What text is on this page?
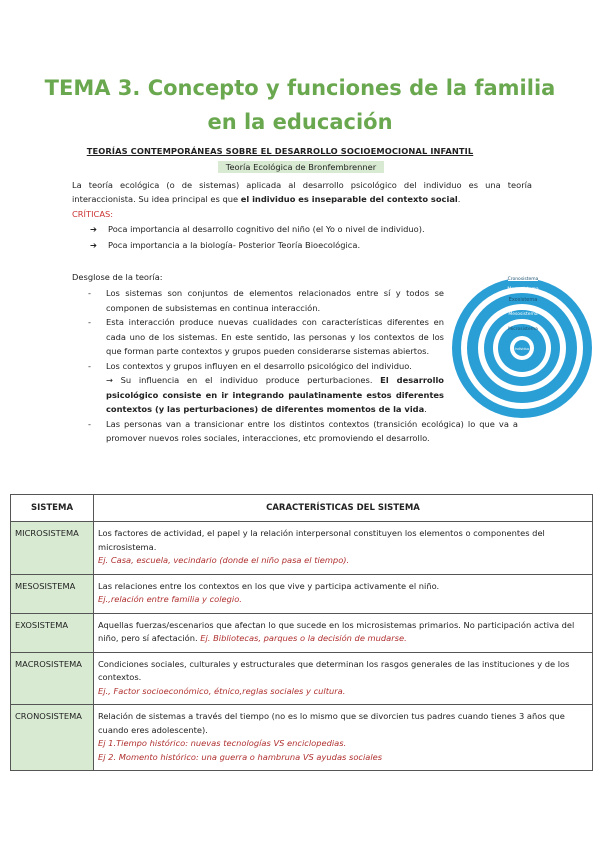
TEMA 3. Concepto y funciones de la familia
en la educación
TEORÍAS CONTEMPORÁNEAS SOBRE EL DESARROLLO SOCIOEMOCIONAL INFANTIL
Teoría Ecológica de Bronfembrenner
La teoría ecológica (o de sistemas) aplicada al desarrollo psicológico del individuo es una teoría interaccionista. Su idea principal es que el individuo es inseparable del contexto social.
CRÍTICAS:
➔ Poca importancia al desarrollo cognitivo del niño (el Yo o nivel de individuo).
➔ Poca importancia a la biología- Posterior Teoría Bioecológica.
Desglose de la teoría:
- Los sistemas son conjuntos de elementos relacionados entre sí y todos se componen de subsistemas en continua interacción.
- Esta interacción produce nuevas cualidades con características diferentes en cada uno de los sistemas. En este sentido, las personas y los contextos de los que forman parte contextos y grupos pueden considerarse sistemas abiertos.
- Los contextos y grupos influyen en el desarrollo psicológico del individuo.
→ Su influencia en el individuo produce perturbaciones. El desarrollo psicológico consiste en ir integrando paulatinamente estos diferentes contextos (y las perturbaciones) de diferentes momentos de la vida.
- Las personas van a transicionar entre los distintos contextos (transición ecológica) lo que va a promover nuevos roles sociales, interacciones, etc promoviendo el desarrollo.
Cronosistema
Macrosistema
Exosistema
Mesosistema
Microsistema
Individuo
SISTEMA	CARACTERÍSTICAS DEL SISTEMA
MICROSISTEMA	Los factores de actividad, el papel y la relación interpersonal constituyen los elementos o componentes del microsistema.
Ej. Casa, escuela, vecindario (donde el niño pasa el tiempo).
MESOSISTEMA	Las relaciones entre los contextos en los que vive y participa activamente el niño.
Ej.,relación entre familia y colegio.
EXOSISTEMA	Aquellas fuerzas/escenarios que afectan lo que sucede en los microsistemas primarios. No participación activa del niño, pero sí afectación. Ej. Bibliotecas, parques o la decisión de mudarse.
MACROSISTEMA	Condiciones sociales, culturales y estructurales que determinan los rasgos generales de las instituciones y de los contextos.
Ej., Factor socioeconómico, étnico,reglas sociales y cultura.
CRONOSISTEMA	Relación de sistemas a través del tiempo (no es lo mismo que se divorcien tus padres cuando tienes 3 años que cuando eres adolescente).
Ej 1.Tiempo histórico: nuevas tecnologías VS enciclopedias.
Ej 2. Momento histórico: una guerra o hambruna VS ayudas sociales
